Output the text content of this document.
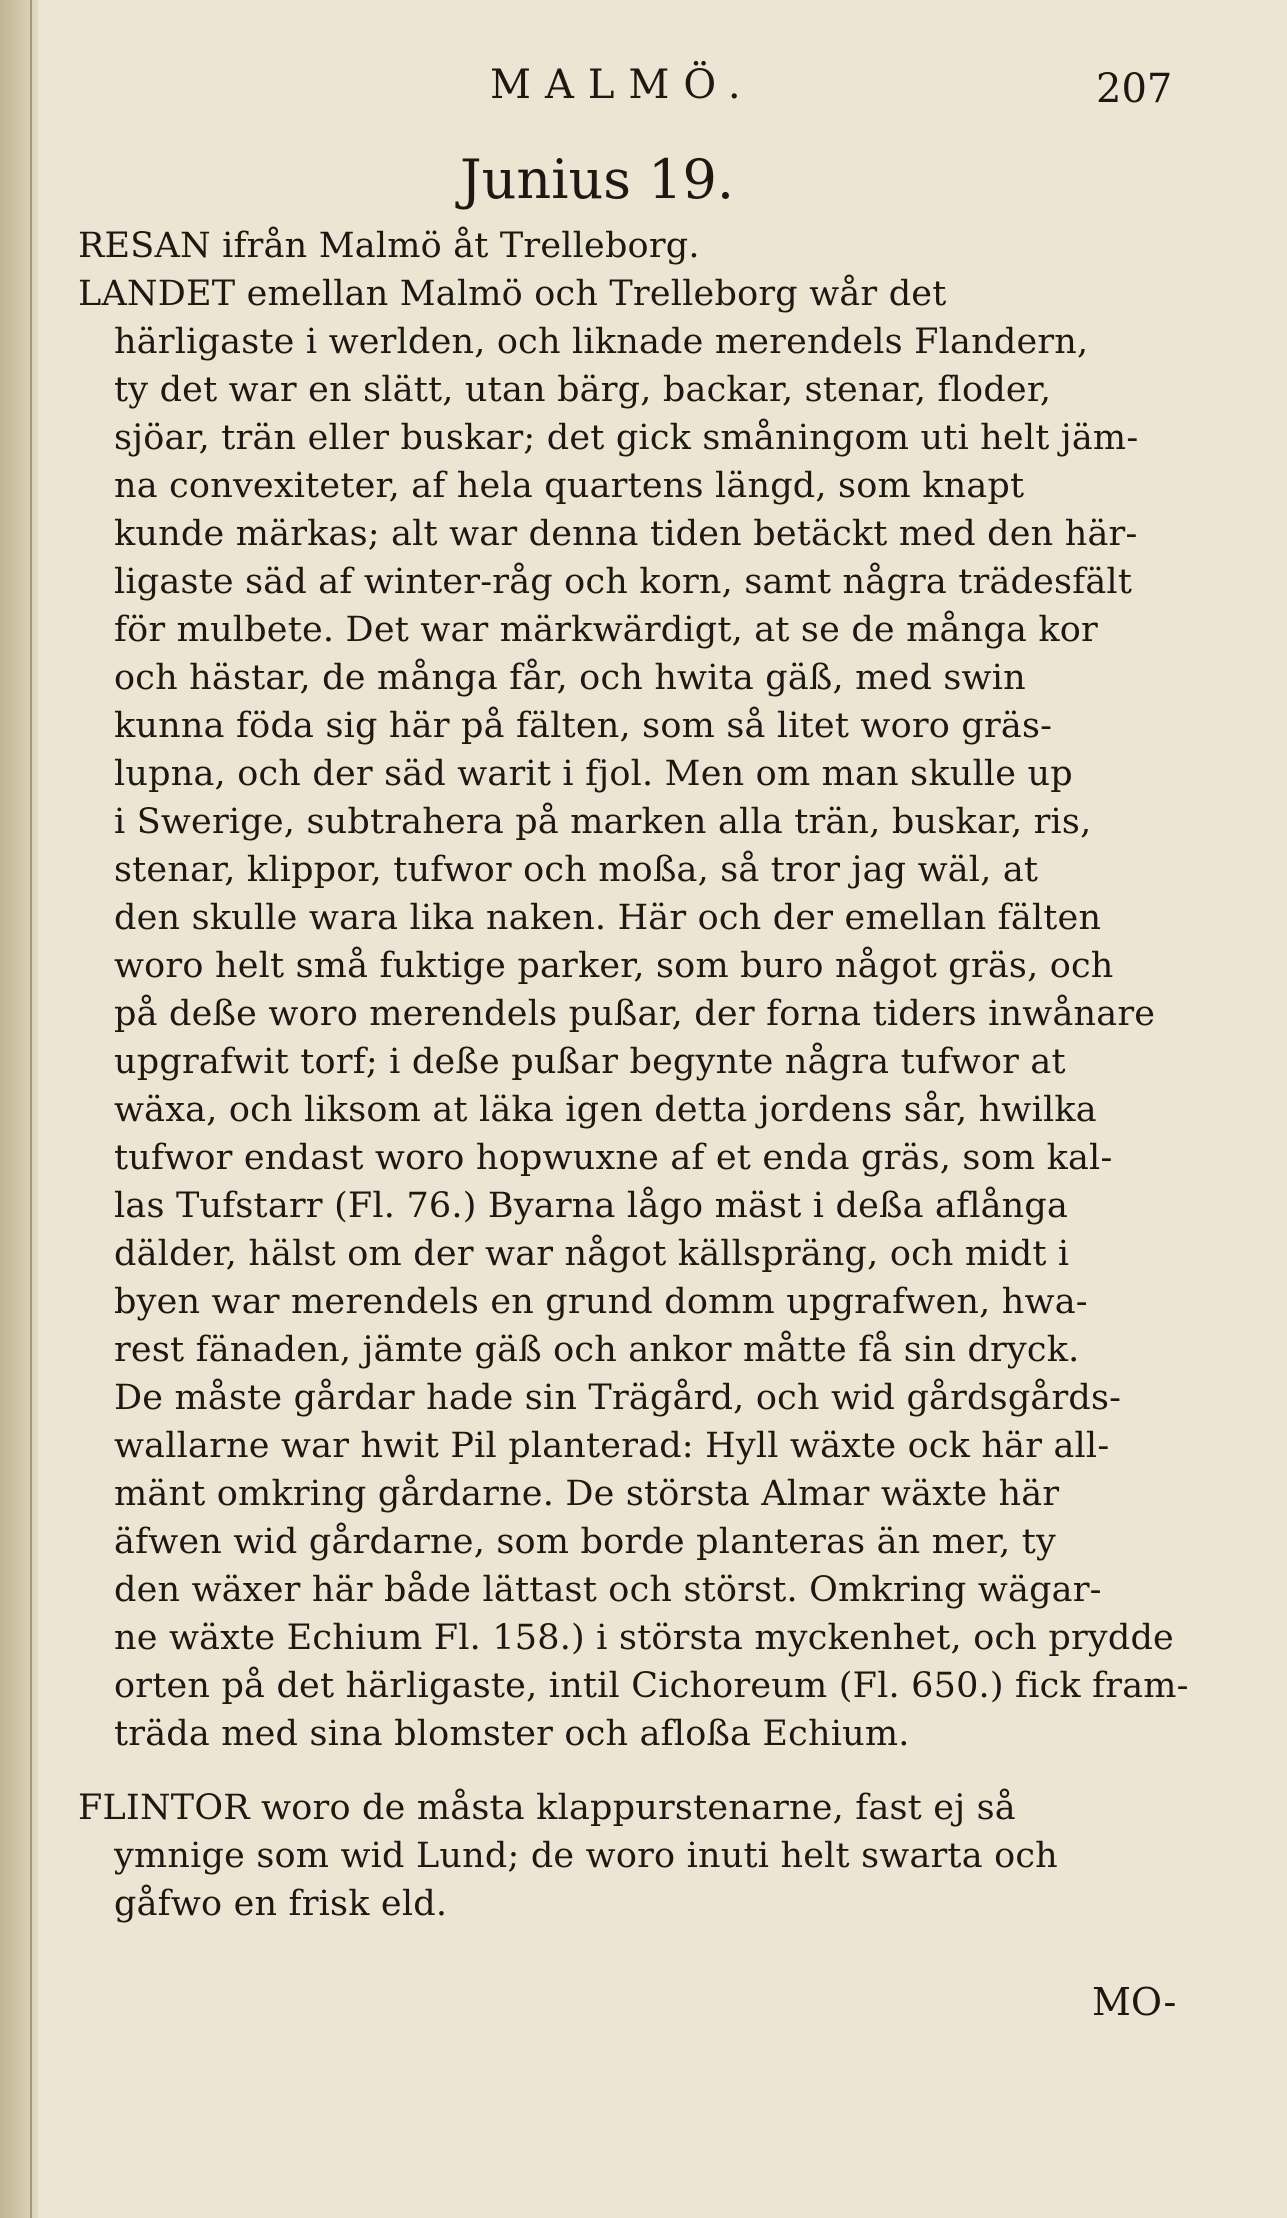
MALMÖ.	207
Junius 19.
RESAN ifrån Malmö åt Trelleborg.
LANDET emellan Malmö och Trelleborg wår det
härligaste i werlden, och liknade merendels Flandern,
ty det war en slätt, utan bärg, backar, stenar, floder,
sjöar, trän eller buskar; det gick småningom uti helt jäm-
na convexiteter, af hela quartens längd, som knapt
kunde märkas; alt war denna tiden betäckt med den här-
ligaste säd af winter-råg och korn, samt några trädesfält
för mulbete. Det war märkwärdigt, at se de många kor
och hästar, de många får, och hwita gäß, med swin
kunna föda sig här på fälten, som så litet woro gräs-
lupna, och der säd warit i fjol. Men om man skulle up
i Swerige, subtrahera på marken alla trän, buskar, ris,
stenar, klippor, tufwor och moßa, så tror jag wäl, at
den skulle wara lika naken. Här och der emellan fälten
woro helt små fuktige parker, som buro något gräs, och
på deße woro merendels pußar, der forna tiders inwånare
upgrafwit torf; i deße pußar begynte några tufwor at
wäxa, och liksom at läka igen detta jordens sår, hwilka
tufwor endast woro hopwuxne af et enda gräs, som kal-
las Tufstarr (Fl. 76.) Byarna lågo mäst i deßa aflånga
dälder, hälst om der war något källspräng, och midt i
byen war merendels en grund domm upgrafwen, hwa-
rest fänaden, jämte gäß och ankor måtte få sin dryck.
De måste gårdar hade sin Trägård, och wid gårdsgårds-
wallarne war hwit Pil planterad: Hyll wäxte ock här all-
mänt omkring gårdarne. De största Almar wäxte här
äfwen wid gårdarne, som borde planteras än mer, ty
den wäxer här både lättast och störst. Omkring wägar-
ne wäxte Echium Fl. 158.) i största myckenhet, och prydde
orten på det härligaste, intil Cichoreum (Fl. 650.) fick fram-
träda med sina blomster och afloßa Echium.
FLINTOR woro de måsta klappurstenarne, fast ej så
ymnige som wid Lund; de woro inuti helt swarta och
gåfwo en frisk eld.
MO-
